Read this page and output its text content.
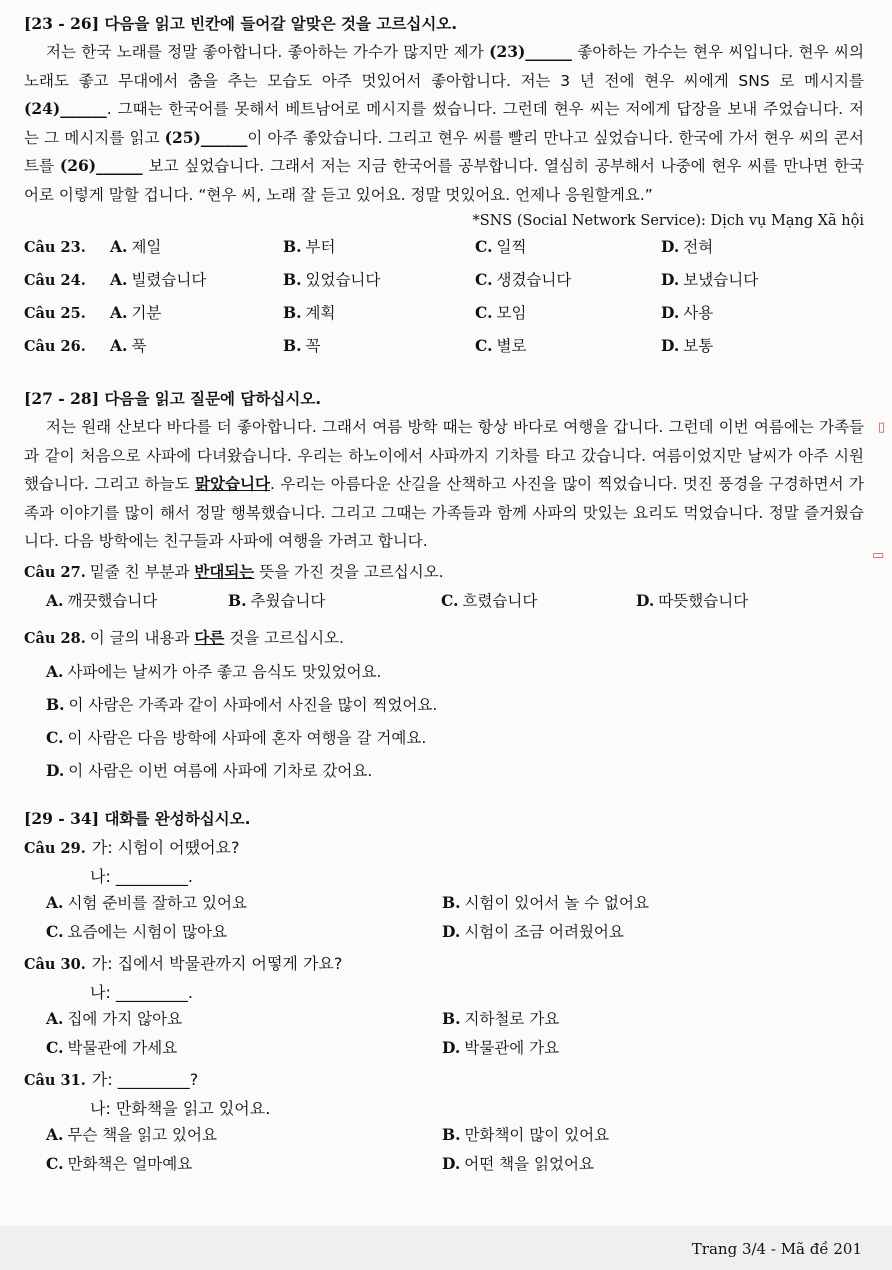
[23 - 26] 다음을 읽고 빈칸에 들어갈 알맞은 것을 고르십시오.

저는 한국 노래를 정말 좋아합니다. 좋아하는 가수가 많지만 제가 (23)______ 좋아하는 가수는 현우 씨입니다. 현우 씨의 노래도 좋고 무대에서 춤을 추는 모습도 아주 멋있어서 좋아합니다. 저는 3 년 전에 현우 씨에게 SNS 로 메시지를 (24)______. 그때는 한국어를 못해서 베트남어로 메시지를 썼습니다. 그런데 현우 씨는 저에게 답장을 보내 주었습니다. 저는 그 메시지를 읽고 (25)______이 아주 좋았습니다. 그리고 현우 씨를 빨리 만나고 싶었습니다. 한국에 가서 현우 씨의 콘서트를 (26)______ 보고 싶었습니다. 그래서 저는 지금 한국어를 공부합니다. 열심히 공부해서 나중에 현우 씨를 만나면 한국어로 이렇게 말할 겁니다. “현우 씨, 노래 잘 듣고 있어요. 정말 멋있어요. 언제나 응원할게요.”

*SNS (Social Network Service): Dịch vụ Mạng Xã hội
Câu 23.	A. 제일	B. 부터	C. 일찍	D. 전혀
Câu 24.	A. 빌렸습니다	B. 있었습니다	C. 생겼습니다	D. 보냈습니다
Câu 25.	A. 기분	B. 계획	C. 모임	D. 사용
Câu 26.	A. 푹	B. 꼭	C. 별로	D. 보통
[27 - 28] 다음을 읽고 질문에 답하십시오.

저는 원래 산보다 바다를 더 좋아합니다. 그래서 여름 방학 때는 항상 바다로 여행을 갑니다. 그런데 이번 여름에는 가족들과 같이 처음으로 사파에 다녀왔습니다. 우리는 하노이에서 사파까지 기차를 타고 갔습니다. 여름이었지만 날씨가 아주 시원했습니다. 그리고 하늘도 맑았습니다. 우리는 아름다운 산길을 산책하고 사진을 많이 찍었습니다. 멋진 풍경을 구경하면서 가족과 이야기를 많이 해서 정말 행복했습니다. 그리고 그때는 가족들과 함께 사파의 맛있는 요리도 먹었습니다. 정말 즐거웠습니다. 다음 방학에는 친구들과 사파에 여행을 가려고 합니다.

Câu 27. 밑줄 친 부분과 반대되는 뜻을 가진 것을 고르십시오.
A. 깨끗했습니다	B. 추웠습니다	C. 흐렸습니다	D. 따뜻했습니다
Câu 28. 이 글의 내용과 다른 것을 고르십시오.
A. 사파에는 날씨가 아주 좋고 음식도 맛있었어요.
B. 이 사람은 가족과 같이 사파에서 사진을 많이 찍었어요.
C. 이 사람은 다음 방학에 사파에 혼자 여행을 갈 거예요.
D. 이 사람은 이번 여름에 사파에 기차로 갔어요.
[29 - 34] 대화를 완성하십시오.
Câu 29. 가: 시험이 어땠어요?
나: _________.
A. 시험 준비를 잘하고 있어요	B. 시험이 있어서 놀 수 없어요
C. 요즘에는 시험이 많아요	D. 시험이 조금 어려웠어요
Câu 30. 가: 집에서 박물관까지 어떻게 가요?
나: _________.
A. 집에 가지 않아요	B. 지하철로 가요
C. 박물관에 가세요	D. 박물관에 가요
Câu 31. 가: _________?
나: 만화책을 읽고 있어요.
A. 무슨 책을 읽고 있어요	B. 만화책이 많이 있어요
C. 만화책은 얼마예요	D. 어떤 책을 읽었어요
▯
▭
Trang 3/4 - Mã đề 201
